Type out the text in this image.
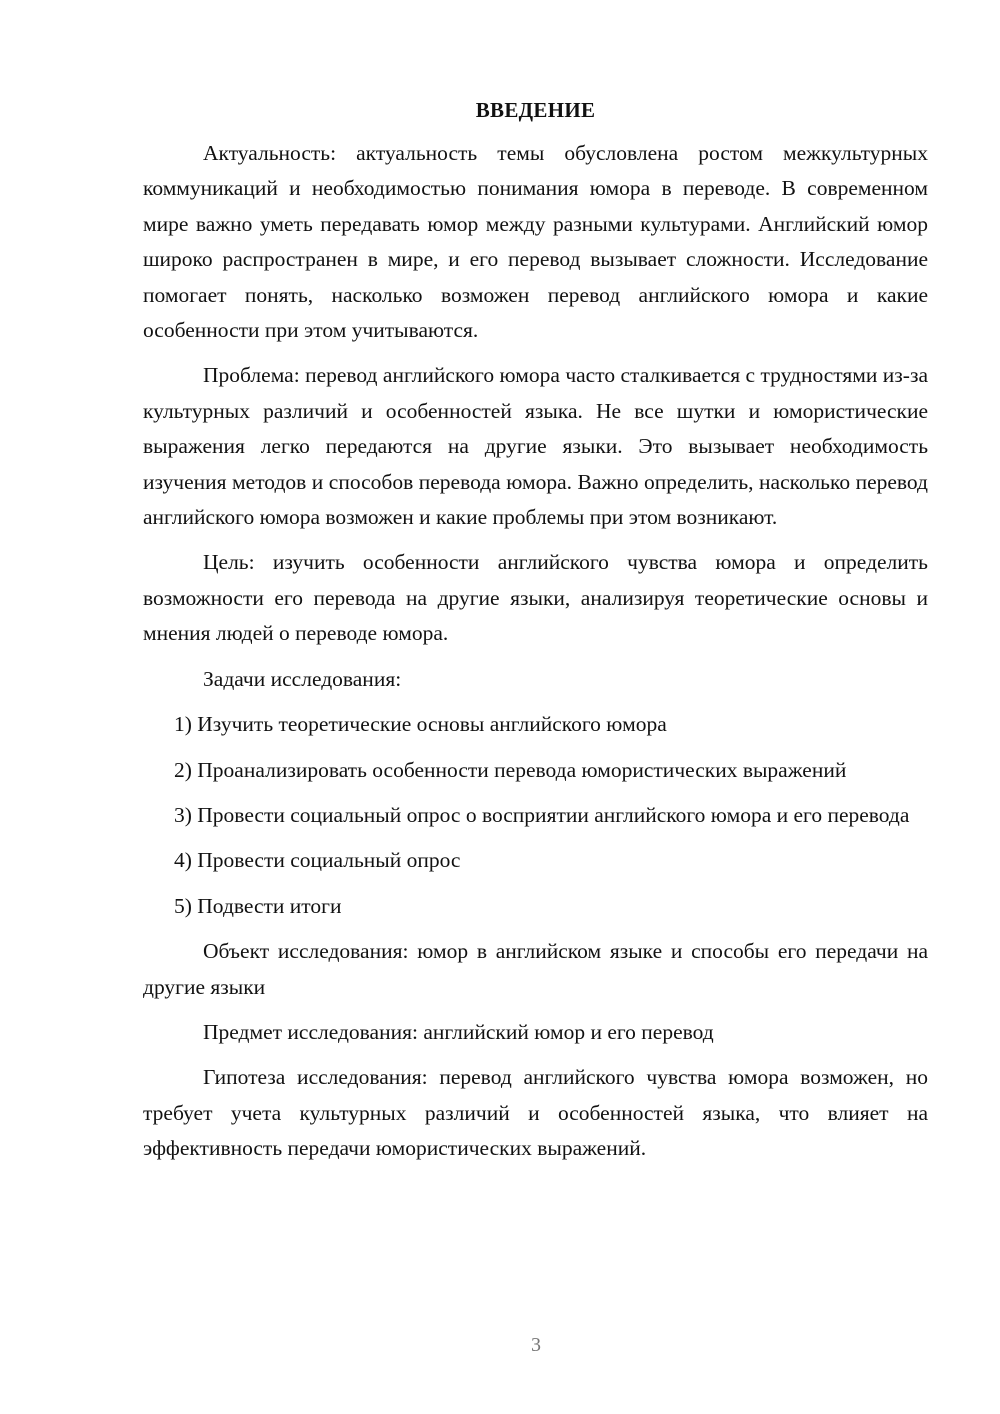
ВВЕДЕНИЕ

Актуальность: актуальность темы обусловлена ростом межкультурных коммуникаций и необходимостью понимания юмора в переводе. В современном мире важно уметь передавать юмор между разными культурами. Английский юмор широко распространен в мире, и его перевод вызывает сложности. Исследование помогает понять, насколько возможен перевод английского юмора и какие особенности при этом учитываются.

Проблема: перевод английского юмора часто сталкивается с трудностями из-за культурных различий и особенностей языка. Не все шутки и юмористические выражения легко передаются на другие языки. Это вызывает необходимость изучения методов и способов перевода юмора. Важно определить, насколько перевод английского юмора возможен и какие проблемы при этом возникают.

Цель: изучить особенности английского чувства юмора и определить возможности его перевода на другие языки, анализируя теоретические основы и мнения людей о переводе юмора.

Задачи исследования:

1) Изучить теоретические основы английского юмора

2) Проанализировать особенности перевода юмористических выражений

3) Провести социальный опрос о восприятии английского юмора и его перевода

4) Провести социальный опрос

5) Подвести итоги

Объект исследования: юмор в английском языке и способы его передачи на другие языки

Предмет исследования: английский юмор и его перевод

Гипотеза исследования: перевод английского чувства юмора возможен, но требует учета культурных различий и особенностей языка, что влияет на эффективность передачи юмористических выражений.

3
